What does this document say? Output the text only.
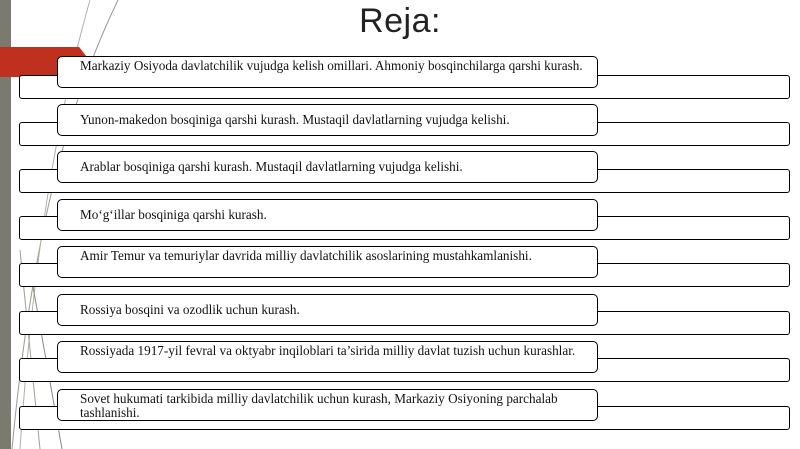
Reja:
Markaziy Osiyoda davlatchilik vujudga kelish omillari. Ahmoniy bosqinchilarga qarshi kurash.
Yunon-makedon bosqiniga qarshi kurash. Mustaqil davlatlarning vujudga kelishi.
Arablar bosqiniga qarshi kurash. Mustaqil davlatlarning vujudga kelishi.
Mo‘g‘illar bosqiniga qarshi kurash.
Amir Temur va temuriylar davrida milliy davlatchilik asoslarining mustahkamlanishi.
Rossiya bosqini va ozodlik uchun kurash.
Rossiyada 1917-yil fevral va oktyabr inqiloblari ta’sirida milliy davlat tuzish uchun kurashlar.
Sovet hukumati tarkibida milliy davlatchilik uchun kurash, Markaziy Osiyoning parchalab tashlanishi.
